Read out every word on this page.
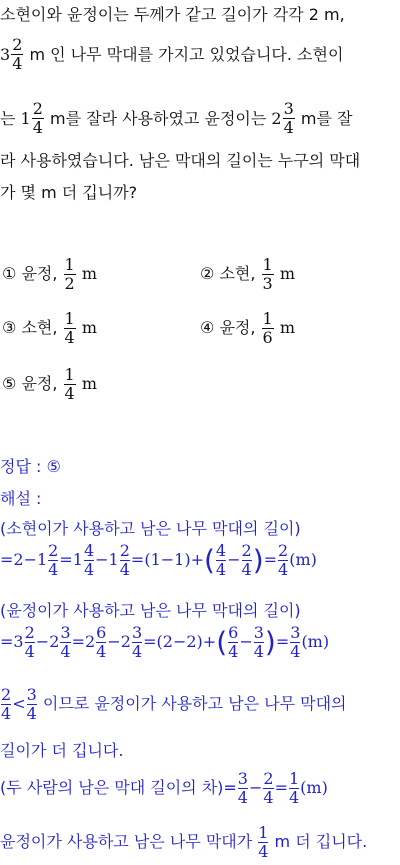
소현이와 윤정이는 두께가 같고 길이가 각각 2 m,
$3 \frac{2}{4}$ m 인 나무 막대를 가지고 있었습니다. 소현이
는 $1 \frac{2}{4}$ m를 잘라 사용하였고 윤정이는 $2 \frac{3}{4}$ m를 잘
라 사용하였습니다. 남은 막대의 길이는 누구의 막대
가 몇 m 더 깁니까?
① 윤정, $\frac{1}{2}$ m	② 소현, $\frac{1}{3}$ m
③ 소현, $\frac{1}{4}$ m	④ 윤정, $\frac{1}{6}$ m
⑤ 윤정, $\frac{1}{4}$ m
정답 : ⑤
해설 :
(소현이가 사용하고 남은 나무 막대의 길이)
$=2-1 \frac{2}{4} =1 \frac{4}{4} -1 \frac{2}{4} =(1-1)+( \frac{4}{4} - \frac{2}{4}$ )= $\frac{2}{4} (m)$
(윤정이가 사용하고 남은 나무 막대의 길이)
$=3 \frac{2}{4} -2 \frac{3}{4} =2 \frac{6}{4} -2 \frac{3}{4} =(2-2)+( \frac{6}{4} - \frac{3}{4}$ )= $\frac{3}{4} (m)$
$\frac{2}{4} < \frac{3}{4}$ 이므로 윤정이가 사용하고 남은 나무 막대의
길이가 더 깁니다.
(두 사람의 남은 막대 길이의 차)= $\frac{3}{4} - \frac{2}{4} = \frac{1}{4} (m)$
윤정이가 사용하고 남은 나무 막대가 $\frac{1}{4}$ m 더 깁니다.
